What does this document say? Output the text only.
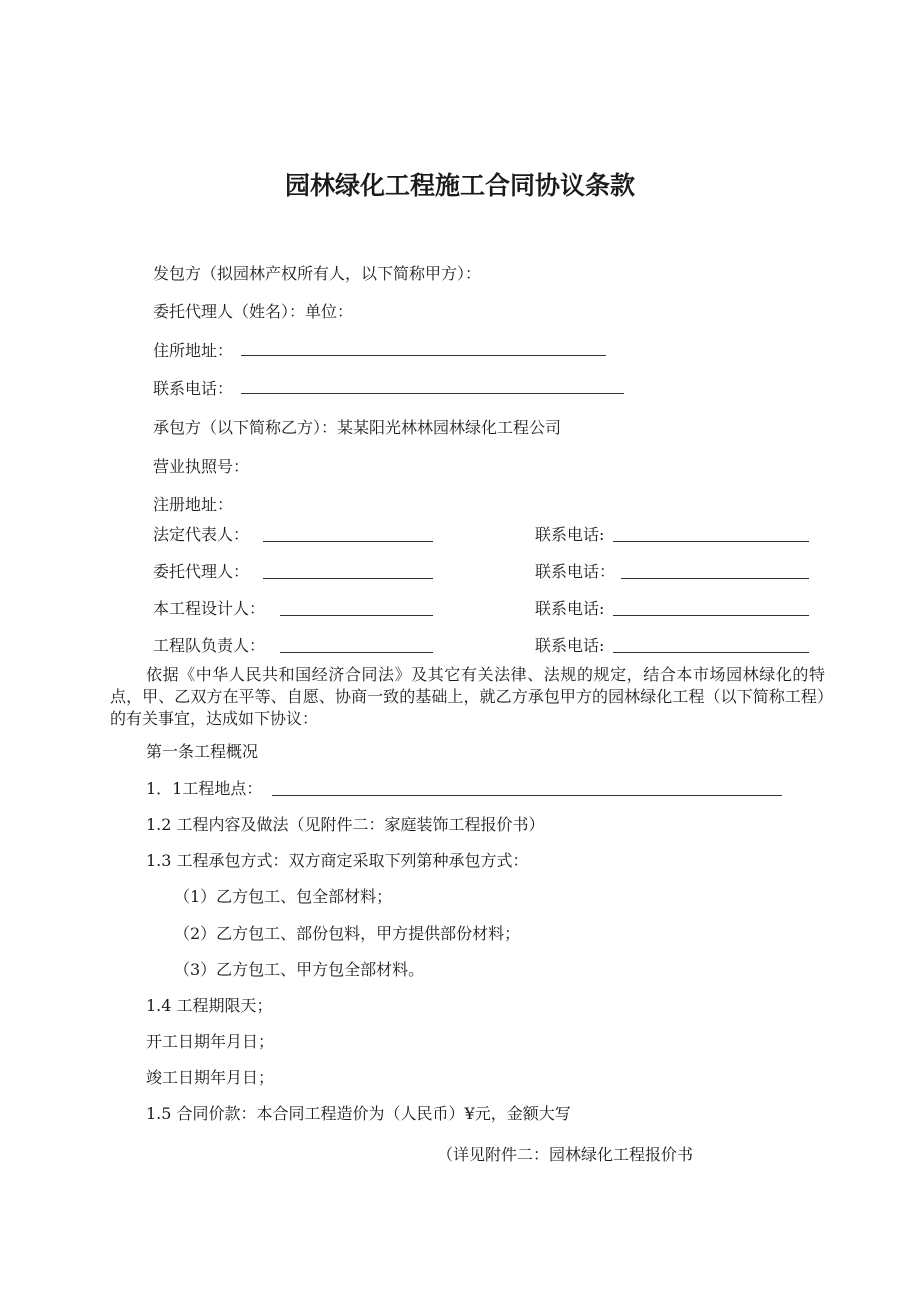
园林绿化工程施工合同协议条款
发包方（拟园林产权所有人，以下简称甲方）：
委托代理人（姓名）：单位：
住所地址：
联系电话：
承包方（以下简称乙方）：某某阳光林林园林绿化工程公司
营业执照号：
注册地址：
法定代表人：	联系电话:
委托代理人：	联系电话：
本工程设计人：	联系电话:
工程队负责人：	联系电话:
依据《中华人民共和国经济合同法》及其它有关法律、法规的规定，结合本市场园林绿化的特点，甲、乙双方在平等、自愿、协商一致的基础上，就乙方承包甲方的园林绿化工程（以下简称工程）的有关事宜，达成如下协议：
第一条工程概况
1．1工程地点：
1.2 工程内容及做法（见附件二：家庭装饰工程报价书）
1.3 工程承包方式：双方商定采取下列第种承包方式：
（1）乙方包工、包全部材料；
（2）乙方包工、部份包料，甲方提供部份材料；
（3）乙方包工、甲方包全部材料。
1.4 工程期限天；
开工日期年月日；
竣工日期年月日；
1.5 合同价款：本合同工程造价为（人民币）¥元，金额大写
（详见附件二：园林绿化工程报价书
